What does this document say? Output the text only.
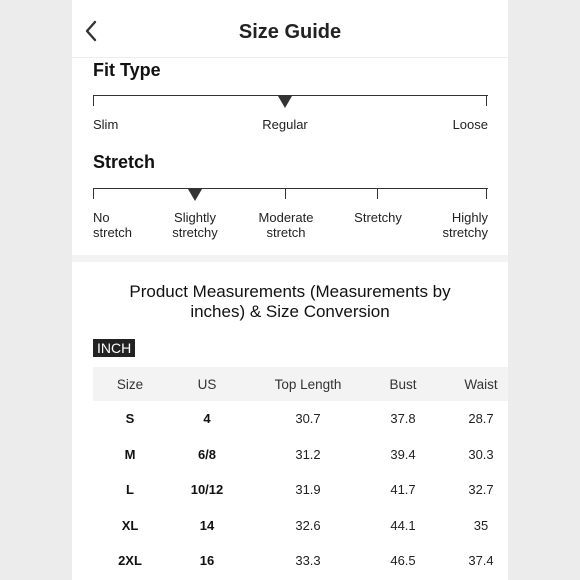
Size Guide
Fit Type
Slim	Regular	Loose
Stretch
No
stretch
Slightly
stretchy
Moderate
stretch
Stretchy	Highly
stretchy
Product Measurements (Measurements by
inches) & Size Conversion
INCH
Size	US	Top Length	Bust	Waist
S	4	30.7	37.8	28.7
M	6/8	31.2	39.4	30.3
L	10/12	31.9	41.7	32.7
XL	14	32.6	44.1	35
2XL	16	33.3	46.5	37.4
